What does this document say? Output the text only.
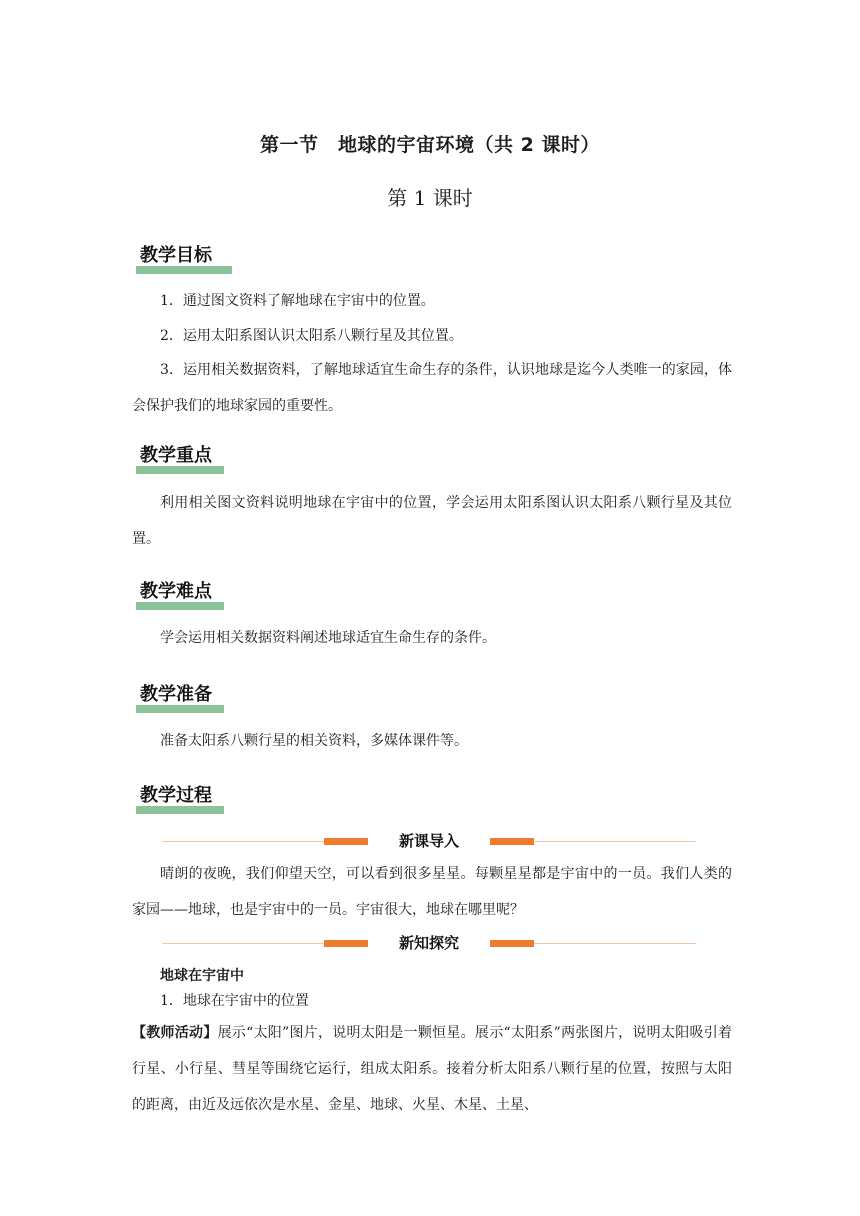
第一节　地球的宇宙环境（共 2 课时）
第 1 课时
教学目标
1．通过图文资料了解地球在宇宙中的位置。
2．运用太阳系图认识太阳系八颗行星及其位置。
3．运用相关数据资料，了解地球适宜生命生存的条件，认识地球是迄今人类唯一的家园，体会保护我们的地球家园的重要性。
教学重点
利用相关图文资料说明地球在宇宙中的位置，学会运用太阳系图认识太阳系八颗行星及其位置。
教学难点
学会运用相关数据资料阐述地球适宜生命生存的条件。
教学准备
准备太阳系八颗行星的相关资料，多媒体课件等。
教学过程
新课导入
晴朗的夜晚，我们仰望天空，可以看到很多星星。每颗星星都是宇宙中的一员。我们人类的家园——地球，也是宇宙中的一员。宇宙很大，地球在哪里呢？
新知探究
地球在宇宙中
1．地球在宇宙中的位置
【教师活动】展示“太阳”图片，说明太阳是一颗恒星。展示“太阳系”两张图片，说明太阳吸引着行星、小行星、彗星等围绕它运行，组成太阳系。接着分析太阳系八颗行星的位置，按照与太阳的距离，由近及远依次是水星、金星、地球、火星、木星、土星、
